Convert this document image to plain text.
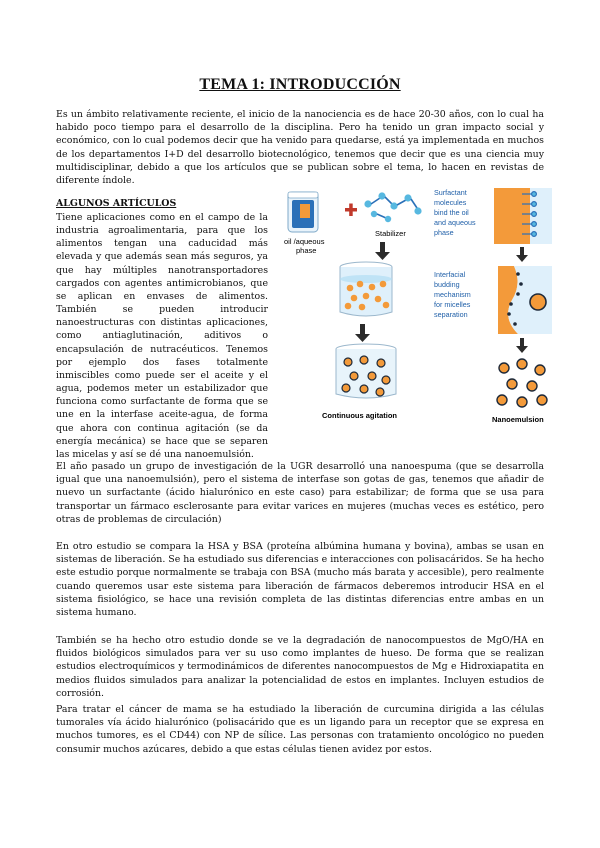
TEMA 1: INTRODUCCIÓN
Es un ámbito relativamente reciente, el inicio de la nanociencia es de hace 20-30 años, con lo cual ha habido poco tiempo para el desarrollo de la disciplina. Pero ha tenido un gran impacto social y económico, con lo cual podemos decir que ha venido para quedarse, está ya implementada en muchos de los departamentos I+D del desarrollo biotecnológico, tenemos que decir que es una ciencia muy multidisciplinar, debido a que los artículos que se publican sobre el tema, lo hacen en revistas de diferente índole.
ALGUNOS ARTÍCULOS
Tiene aplicaciones como en el campo de la industria agroalimentaria, para que los alimentos tengan una caducidad más elevada y que además sean más seguros, ya que hay múltiples nanotransportadores cargados con agentes antimicrobianos, que se aplican en envases de alimentos. También se pueden introducir nanoestructuras con distintas aplicaciones, como antiaglutinación, aditivos o encapsulación de nutracéuticos. Tenemos por ejemplo dos fases totalmente inmiscibles como puede ser el aceite y el agua, podemos meter un estabilizador que funciona como surfactante de forma que se une en la interfase aceite-agua, de forma que ahora con continua agitación (se da energía mecánica) se hace que se separen las micelas y así se dé una nanoemulsión.
oil /aqueous
phase
Stabilizer
Continuous agitation
Surfactant
molecules
bind the oil
and aqueous
phase
Interfacial
budding
mechanism
for micelles
separation
Nanoemulsion
El año pasado un grupo de investigación de la UGR desarrolló una nanoespuma (que se desarrolla igual que una nanoemulsión), pero el sistema de interfase son gotas de gas, tenemos que añadir de nuevo un surfactante (ácido hialurónico en este caso) para estabilizar; de forma que se usa para transportar un fármaco esclerosante para evitar varices en mujeres (muchas veces es estético, pero otras de problemas de circulación)
En otro estudio se compara la HSA y BSA (proteína albúmina humana y bovina), ambas se usan en sistemas de liberación. Se ha estudiado sus diferencias e interacciones con polisacáridos. Se ha hecho este estudio porque normalmente se trabaja con BSA (mucho más barata y accesible), pero realmente cuando queremos usar este sistema para liberación de fármacos deberemos introducir HSA en el sistema fisiológico, se hace una revisión completa de las distintas diferencias entre ambas en un sistema humano.
También se ha hecho otro estudio donde se ve la degradación de nanocompuestos de MgO/HA en fluidos biológicos simulados para ver su uso como implantes de hueso. De forma que se realizan estudios electroquímicos y termodinámicos de diferentes nanocompuestos de Mg e Hidroxiapatita en medios fluidos simulados para analizar la potencialidad de estos en implantes. Incluyen estudios de corrosión.
Para tratar el cáncer de mama se ha estudiado la liberación de curcumina dirigida a las células tumorales vía ácido hialurónico (polisacárido que es un ligando para un receptor que se expresa en muchos tumores, es el CD44) con NP de sílice. Las personas con tratamiento oncológico no pueden consumir muchos azúcares, debido a que estas células tienen avidez por estos.
